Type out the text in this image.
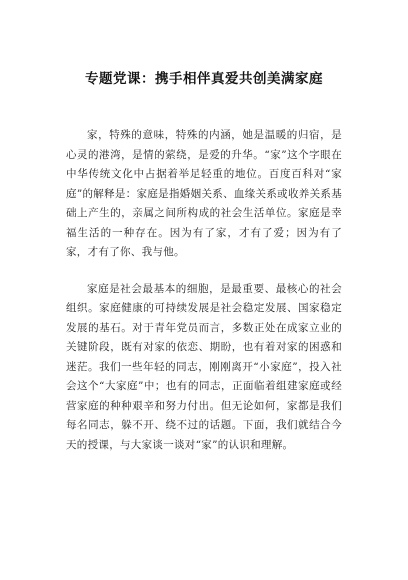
专题党课：携手相伴真爱共创美满家庭

家，特殊的意味，特殊的内涵，她是温暖的归宿，是心灵的港湾，是情的萦绕，是爱的升华。“家”这个字眼在中华传统文化中占据着举足轻重的地位。百度百科对“家庭”的解释是：家庭是指婚姻关系、血缘关系或收养关系基础上产生的，亲属之间所构成的社会生活单位。家庭是幸福生活的一种存在。因为有了家，才有了爱；因为有了家，才有了你、我与他。

家庭是社会最基本的细胞，是最重要、最核心的社会组织。家庭健康的可持续发展是社会稳定发展、国家稳定发展的基石。对于青年党员而言，多数正处在成家立业的关键阶段，既有对家的依恋、期盼，也有着对家的困惑和迷茫。我们一些年轻的同志，刚刚离开“小家庭”，投入社会这个“大家庭”中；也有的同志，正面临着组建家庭或经营家庭的种种艰辛和努力付出。但无论如何，家都是我们每名同志，躲不开、绕不过的话题。下面，我们就结合今天的授课，与大家谈一谈对“家”的认识和理解。
